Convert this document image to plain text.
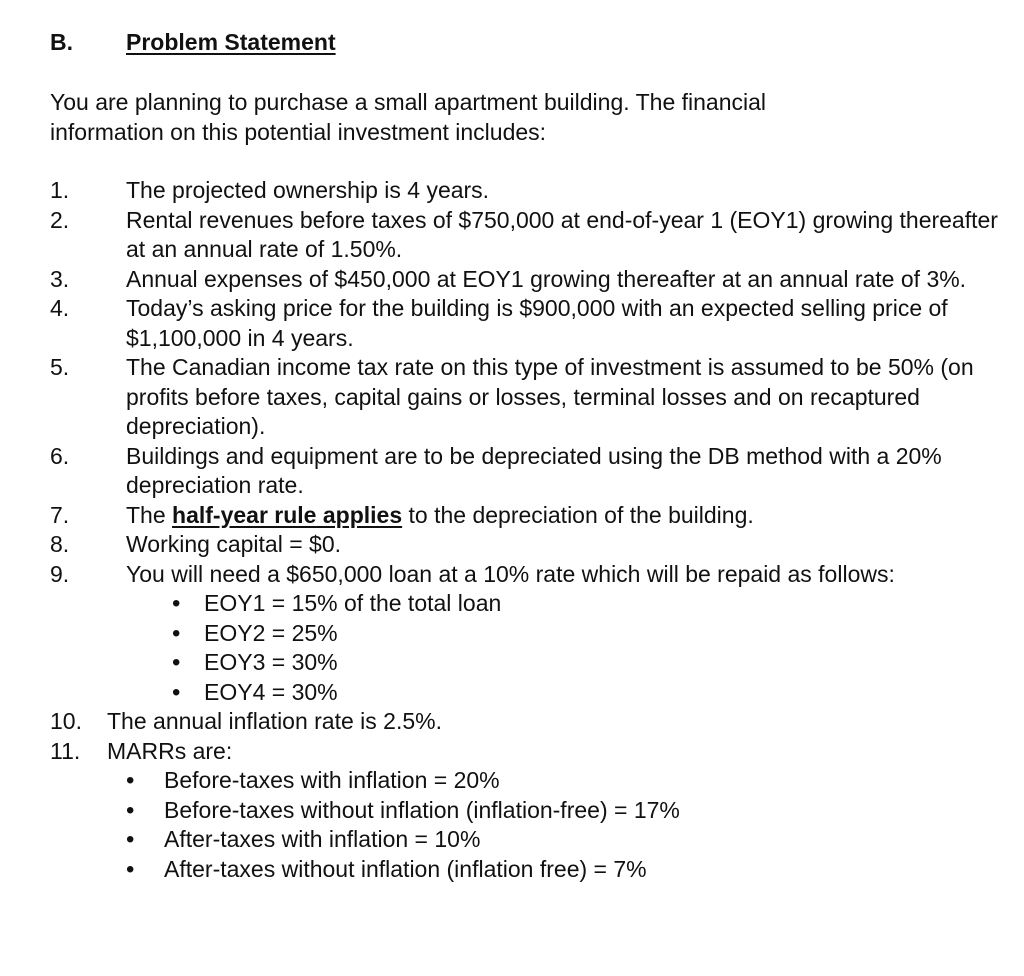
B. Problem Statement

You are planning to purchase a small apartment building. The financial information on this potential investment includes:

1. The projected ownership is 4 years.
2. Rental revenues before taxes of $750,000 at end-of-year 1 (EOY1) growing thereafter at an annual rate of 1.50%.
3. Annual expenses of $450,000 at EOY1 growing thereafter at an annual rate of 3%.
4. Today’s asking price for the building is $900,000 with an expected selling price of $1,100,000 in 4 years.
5. The Canadian income tax rate on this type of investment is assumed to be 50% (on profits before taxes, capital gains or losses, terminal losses and on recaptured depreciation).
6. Buildings and equipment are to be depreciated using the DB method with a 20% depreciation rate.
7. The half-year rule applies to the depreciation of the building.
8. Working capital = $0.
9. You will need a $650,000 loan at a 10% rate which will be repaid as follows:
• EOY1 = 15% of the total loan
• EOY2 = 25%
• EOY3 = 30%
• EOY4 = 30%
10. The annual inflation rate is 2.5%.
11. MARRs are:
• Before-taxes with inflation = 20%
• Before-taxes without inflation (inflation-free) = 17%
• After-taxes with inflation = 10%
• After-taxes without inflation (inflation free) = 7%
